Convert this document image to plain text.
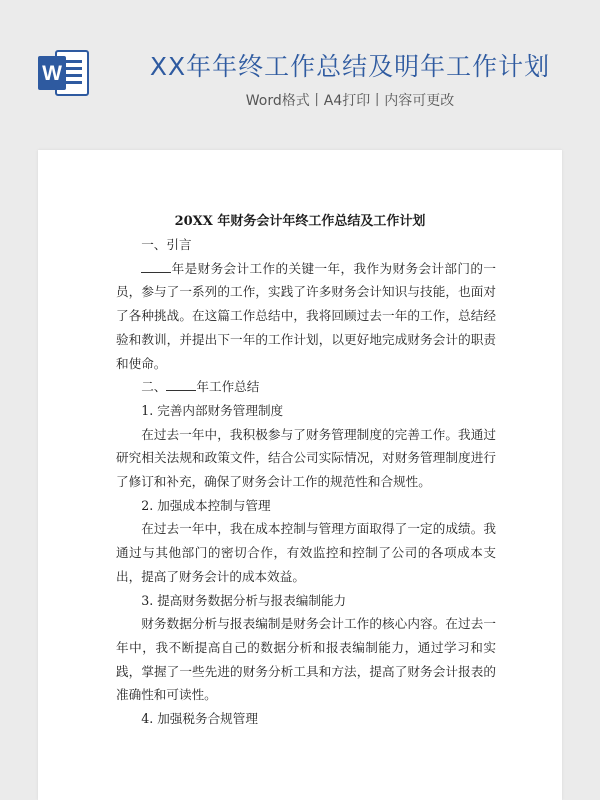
W	XX年年终工作总结及明年工作计划
Word格式丨A4打印丨内容可更改
20XX 年财务会计年终工作总结及工作计划

一、引言

年是财务会计工作的关键一年，我作为财务会计部门的一员，参与了一系列的工作，实践了许多财务会计知识与技能，也面对了各种挑战。在这篇工作总结中，我将回顾过去一年的工作，总结经验和教训，并提出下一年的工作计划，以更好地完成财务会计的职责和使命。

二、 年工作总结

1. 完善内部财务管理制度

在过去一年中，我积极参与了财务管理制度的完善工作。我通过研究相关法规和政策文件，结合公司实际情况，对财务管理制度进行了修订和补充，确保了财务会计工作的规范性和合规性。

2. 加强成本控制与管理

在过去一年中，我在成本控制与管理方面取得了一定的成绩。我通过与其他部门的密切合作，有效监控和控制了公司的各项成本支出，提高了财务会计的成本效益。

3. 提高财务数据分析与报表编制能力

财务数据分析与报表编制是财务会计工作的核心内容。在过去一年中，我不断提高自己的数据分析和报表编制能力，通过学习和实践，掌握了一些先进的财务分析工具和方法，提高了财务会计报表的准确性和可读性。

4. 加强税务合规管理
